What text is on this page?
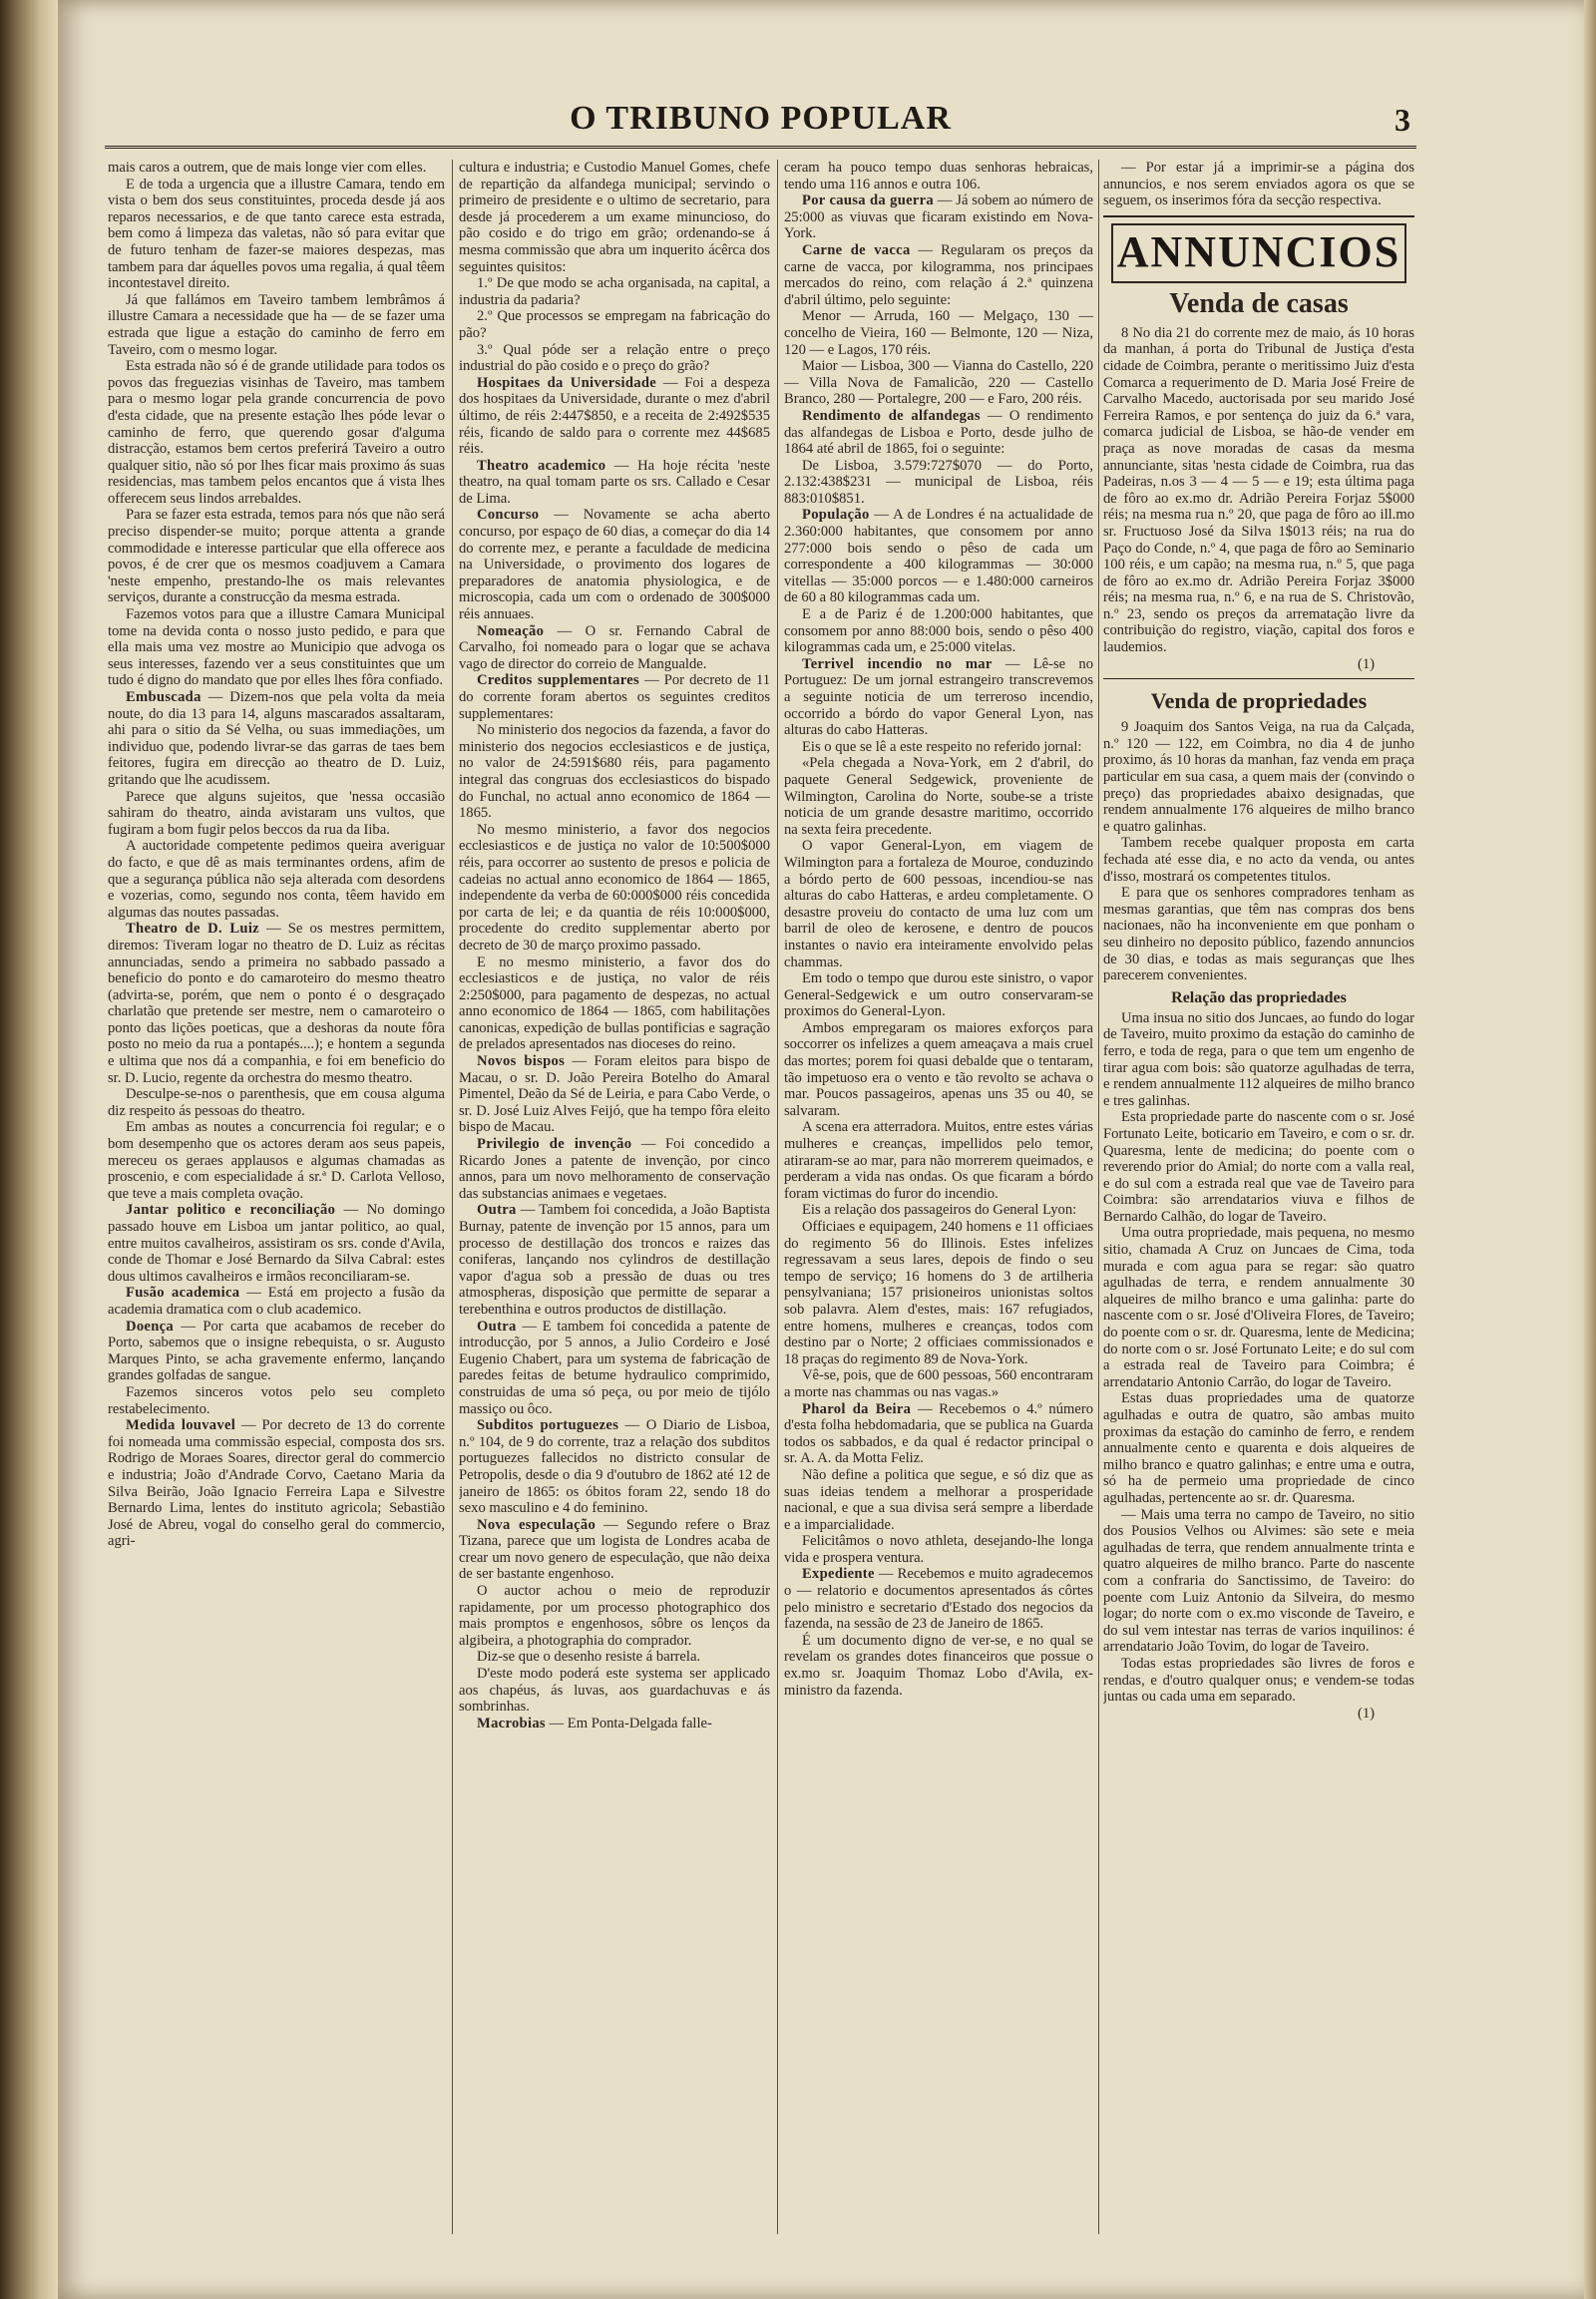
O TRIBUNO POPULAR	3

mais caros a outrem, que de mais longe vier com elles.

E de toda a urgencia que a illustre Camara, tendo em vista o bem dos seus constituintes, proceda desde já aos reparos necessarios, e de que tanto carece esta estrada, bem como á limpeza das valetas, não só para evitar que de futuro tenham de fazer-se maiores despezas, mas tambem para dar áquelles povos uma regalia, á qual têem incontestavel direito.

Já que fallámos em Taveiro tambem lembrâmos á illustre Camara a necessidade que ha — de se fazer uma estrada que ligue a estação do caminho de ferro em Taveiro, com o mesmo logar.

Esta estrada não só é de grande utilidade para todos os povos das freguezias visinhas de Taveiro, mas tambem para o mesmo logar pela grande concurrencia de povo d'esta cidade, que na presente estação lhes póde levar o caminho de ferro, que querendo gosar d'alguma distracção, estamos bem certos preferirá Taveiro a outro qualquer sitio, não só por lhes ficar mais proximo ás suas residencias, mas tambem pelos encantos que á vista lhes offerecem seus lindos arrebaldes.

Para se fazer esta estrada, temos para nós que não será preciso dispender-se muito; porque attenta a grande commodidade e interesse particular que ella offerece aos povos, é de crer que os mesmos coadjuvem a Camara 'neste empenho, prestando-lhe os mais relevantes serviços, durante a construcção da mesma estrada.

Fazemos votos para que a illustre Camara Municipal tome na devida conta o nosso justo pedido, e para que ella mais uma vez mostre ao Municipio que advoga os seus interesses, fazendo ver a seus constituintes que um tudo é digno do mandato que por elles lhes fôra confiado.

Embuscada — Dizem-nos que pela volta da meia noute, do dia 13 para 14, alguns mascarados assaltaram, ahi para o sitio da Sé Velha, ou suas immediações, um individuo que, podendo livrar-se das garras de taes bem feitores, fugira em direcção ao theatro de D. Luiz, gritando que lhe acudissem.

Parece que alguns sujeitos, que 'nessa occasião sahiram do theatro, ainda avistaram uns vultos, que fugiram a bom fugir pelos beccos da rua da Iiba.

A auctoridade competente pedimos queira averiguar do facto, e que dê as mais terminantes ordens, afim de que a segurança pública não seja alterada com desordens e vozerias, como, segundo nos conta, têem havido em algumas das noutes passadas.

Theatro de D. Luiz — Se os mestres permittem, diremos: Tiveram logar no theatro de D. Luiz as récitas annunciadas, sendo a primeira no sabbado passado a beneficio do ponto e do camaroteiro do mesmo theatro (advirta-se, porém, que nem o ponto é o desgraçado charlatão que pretende ser mestre, nem o camaroteiro o ponto das lições poeticas, que a deshoras da noute fôra posto no meio da rua a pontapés....); e hontem a segunda e ultima que nos dá a companhia, e foi em beneficio do sr. D. Lucio, regente da orchestra do mesmo theatro.

Desculpe-se-nos o parenthesis, que em cousa alguma diz respeito ás pessoas do theatro.

Em ambas as noutes a concurrencia foi regular; e o bom desempenho que os actores deram aos seus papeis, mereceu os geraes applausos e algumas chamadas as proscenio, e com especialidade á sr.ª D. Carlota Velloso, que teve a mais completa ovação.

Jantar politico e reconciliação — No domingo passado houve em Lisboa um jantar politico, ao qual, entre muitos cavalheiros, assistiram os srs. conde d'Avila, conde de Thomar e José Bernardo da Silva Cabral: estes dous ultimos cavalheiros e irmãos reconciliaram-se.

Fusão academica — Está em projecto a fusão da academia dramatica com o club academico.

Doença — Por carta que acabamos de receber do Porto, sabemos que o insigne rebequista, o sr. Augusto Marques Pinto, se acha gravemente enfermo, lançando grandes golfadas de sangue.

Fazemos sinceros votos pelo seu completo restabelecimento.

Medida louvavel — Por decreto de 13 do corrente foi nomeada uma commissão especial, composta dos srs. Rodrigo de Moraes Soares, director geral do commercio e industria; João d'Andrade Corvo, Caetano Maria da Silva Beirão, João Ignacio Ferreira Lapa e Silvestre Bernardo Lima, lentes do instituto agricola; Sebastião José de Abreu, vogal do conselho geral do commercio, agri-

cultura e industria; e Custodio Manuel Gomes, chefe de repartição da alfandega municipal; servindo o primeiro de presidente e o ultimo de secretario, para desde já procederem a um exame minuncioso, do pão cosido e do trigo em grão; ordenando-se á mesma commissão que abra um inquerito ácêrca dos seguintes quisitos:

1.º De que modo se acha organisada, na capital, a industria da padaria?

2.º Que processos se empregam na fabricação do pão?

3.º Qual póde ser a relação entre o preço industrial do pão cosido e o preço do grão?

Hospitaes da Universidade — Foi a despeza dos hospitaes da Universidade, durante o mez d'abril último, de réis 2:447$850, e a receita de 2:492$535 réis, ficando de saldo para o corrente mez 44$685 réis.

Theatro academico — Ha hoje récita 'neste theatro, na qual tomam parte os srs. Callado e Cesar de Lima.

Concurso — Novamente se acha aberto concurso, por espaço de 60 dias, a começar do dia 14 do corrente mez, e perante a faculdade de medicina na Universidade, o provimento dos logares de preparadores de anatomia physiologica, e de microscopia, cada um com o ordenado de 300$000 réis annuaes.

Nomeação — O sr. Fernando Cabral de Carvalho, foi nomeado para o logar que se achava vago de director do correio de Mangualde.

Creditos supplementares — Por decreto de 11 do corrente foram abertos os seguintes creditos supplementares:

No ministerio dos negocios da fazenda, a favor do ministerio dos negocios ecclesiasticos e de justiça, no valor de 24:591$680 réis, para pagamento integral das congruas dos ecclesiasticos do bispado do Funchal, no actual anno economico de 1864 — 1865.

No mesmo ministerio, a favor dos negocios ecclesiasticos e de justiça no valor de 10:500$000 réis, para occorrer ao sustento de presos e policia de cadeias no actual anno economico de 1864 — 1865, independente da verba de 60:000$000 réis concedida por carta de lei; e da quantia de réis 10:000$000, procedente do credito supplementar aberto por decreto de 30 de março proximo passado.

E no mesmo ministerio, a favor dos do ecclesiasticos e de justiça, no valor de réis 2:250$000, para pagamento de despezas, no actual anno economico de 1864 — 1865, com habilitações canonicas, expedição de bullas pontificias e sagração de prelados apresentados nas dioceses do reino.

Novos bispos — Foram eleitos para bispo de Macau, o sr. D. João Pereira Botelho do Amaral Pimentel, Deão da Sé de Leiria, e para Cabo Verde, o sr. D. José Luiz Alves Feijó, que ha tempo fôra eleito bispo de Macau.

Privilegio de invenção — Foi concedido a Ricardo Jones a patente de invenção, por cinco annos, para um novo melhoramento de conservação das substancias animaes e vegetaes.

Outra — Tambem foi concedida, a João Baptista Burnay, patente de invenção por 15 annos, para um processo de destillação dos troncos e raizes das coniferas, lançando nos cylindros de destillação vapor d'agua sob a pressão de duas ou tres atmospheras, disposição que permitte de separar a terebenthina e outros productos de distillação.

Outra — E tambem foi concedida a patente de introducção, por 5 annos, a Julio Cordeiro e José Eugenio Chabert, para um systema de fabricação de paredes feitas de betume hydraulico comprimido, construidas de uma só peça, ou por meio de tijólo massiço ou ôco.

Subditos portuguezes — O Diario de Lisboa, n.º 104, de 9 do corrente, traz a relação dos subditos portuguezes fallecidos no districto consular de Petropolis, desde o dia 9 d'outubro de 1862 até 12 de janeiro de 1865: os óbitos foram 22, sendo 18 do sexo masculino e 4 do feminino.

Nova especulação — Segundo refere o Braz Tizana, parece que um logista de Londres acaba de crear um novo genero de especulação, que não deixa de ser bastante engenhoso.

O auctor achou o meio de reproduzir rapidamente, por um processo photographico dos mais promptos e engenhosos, sôbre os lenços da algibeira, a photographia do comprador.

Diz-se que o desenho resiste á barrela.

D'este modo poderá este systema ser applicado aos chapéus, ás luvas, aos guardachuvas e ás sombrinhas.

Macrobias — Em Ponta-Delgada falle-

ceram ha pouco tempo duas senhoras hebraicas, tendo uma 116 annos e outra 106.

Por causa da guerra — Já sobem ao número de 25:000 as viuvas que ficaram existindo em Nova-York.

Carne de vacca — Regularam os preços da carne de vacca, por kilogramma, nos principaes mercados do reino, com relação á 2.ª quinzena d'abril último, pelo seguinte:

Menor — Arruda, 160 — Melgaço, 130 — concelho de Vieira, 160 — Belmonte, 120 — Niza, 120 — e Lagos, 170 réis.

Maior — Lisboa, 300 — Vianna do Castello, 220 — Villa Nova de Famalicão, 220 — Castello Branco, 280 — Portalegre, 200 — e Faro, 200 réis.

Rendimento de alfandegas — O rendimento das alfandegas de Lisboa e Porto, desde julho de 1864 até abril de 1865, foi o seguinte:

De Lisboa, 3.579:727$070 — do Porto, 2.132:438$231 — municipal de Lisboa, réis 883:010$851.

População — A de Londres é na actualidade de 2.360:000 habitantes, que consomem por anno 277:000 bois sendo o pêso de cada um correspondente a 400 kilogrammas — 30:000 vitellas — 35:000 porcos — e 1.480:000 carneiros de 60 a 80 kilogrammas cada um.

E a de Pariz é de 1.200:000 habitantes, que consomem por anno 88:000 bois, sendo o pêso 400 kilogrammas cada um, e 25:000 vitelas.

Terrivel incendio no mar — Lê-se no Portuguez: De um jornal estrangeiro transcrevemos a seguinte noticia de um terreroso incendio, occorrido a bórdo do vapor General Lyon, nas alturas do cabo Hatteras.

Eis o que se lê a este respeito no referido jornal:

«Pela chegada a Nova-York, em 2 d'abril, do paquete General Sedgewick, proveniente de Wilmington, Carolina do Norte, soube-se a triste noticia de um grande desastre maritimo, occorrido na sexta feira precedente.

O vapor General-Lyon, em viagem de Wilmington para a fortaleza de Mouroe, conduzindo a bórdo perto de 600 pessoas, incendiou-se nas alturas do cabo Hatteras, e ardeu completamente. O desastre proveiu do contacto de uma luz com um barril de oleo de kerosene, e dentro de poucos instantes o navio era inteiramente envolvido pelas chammas.

Em todo o tempo que durou este sinistro, o vapor General-Sedgewick e um outro conservaram-se proximos do General-Lyon.

Ambos empregaram os maiores exforços para soccorrer os infelizes a quem ameaçava a mais cruel das mortes; porem foi quasi debalde que o tentaram, tão impetuoso era o vento e tão revolto se achava o mar. Poucos passageiros, apenas uns 35 ou 40, se salvaram.

A scena era atterradora. Muitos, entre estes várias mulheres e creanças, impellidos pelo temor, atiraram-se ao mar, para não morrerem queimados, e perderam a vida nas ondas. Os que ficaram a bórdo foram victimas do furor do incendio.

Eis a relação dos passageiros do General Lyon:

Officiaes e equipagem, 240 homens e 11 officiaes do regimento 56 do Illinois. Estes infelizes regressavam a seus lares, depois de findo o seu tempo de serviço; 16 homens do 3 de artilheria pensylvaniana; 157 prisioneiros unionistas soltos sob palavra. Alem d'estes, mais: 167 refugiados, entre homens, mulheres e creanças, todos com destino par o Norte; 2 officiaes commissionados e 18 praças do regimento 89 de Nova-York.

Vê-se, pois, que de 600 pessoas, 560 encontraram a morte nas chammas ou nas vagas.»

Pharol da Beira — Recebemos o 4.º número d'esta folha hebdomadaria, que se publica na Guarda todos os sabbados, e da qual é redactor principal o sr. A. A. da Motta Feliz.

Não define a politica que segue, e só diz que as suas ideias tendem a melhorar a prosperidade nacional, e que a sua divisa será sempre a liberdade e a imparcialidade.

Felicitâmos o novo athleta, desejando-lhe longa vida e prospera ventura.

Expediente — Recebemos e muito agradecemos o — relatorio e documentos apresentados ás côrtes pelo ministro e secretario d'Estado dos negocios da fazenda, na sessão de 23 de Janeiro de 1865.

É um documento digno de ver-se, e no qual se revelam os grandes dotes financeiros que possue o ex.mo sr. Joaquim Thomaz Lobo d'Avila, ex-ministro da fazenda.

— Por estar já a imprimir-se a página dos annuncios, e nos serem enviados agora os que se seguem, os inserimos fóra da secção respectiva.

ANNUNCIOS
Venda de casas

8 No dia 21 do corrente mez de maio, ás 10 horas da manhan, á porta do Tribunal de Justiça d'esta cidade de Coimbra, perante o meritissimo Juiz d'esta Comarca a requerimento de D. Maria José Freire de Carvalho Macedo, auctorisada por seu marido José Ferreira Ramos, e por sentença do juiz da 6.ª vara, comarca judicial de Lisboa, se hão-de vender em praça as nove moradas de casas da mesma annunciante, sitas 'nesta cidade de Coimbra, rua das Padeiras, n.os 3 — 4 — 5 — e 19; esta última paga de fôro ao ex.mo dr. Adrião Pereira Forjaz 5$000 réis; na mesma rua n.º 20, que paga de fôro ao ill.mo sr. Fructuoso José da Silva 1$013 réis; na rua do Paço do Conde, n.º 4, que paga de fôro ao Seminario 100 réis, e um capão; na mesma rua, n.º 5, que paga de fôro ao ex.mo dr. Adrião Pereira Forjaz 3$000 réis; na mesma rua, n.º 6, e na rua de S. Christovão, n.º 23, sendo os preços da arrematação livre da contribuição do registro, viação, capital dos foros e laudemios.

(1)
Venda de propriedades

9 Joaquim dos Santos Veiga, na rua da Calçada, n.º 120 — 122, em Coimbra, no dia 4 de junho proximo, ás 10 horas da manhan, faz venda em praça particular em sua casa, a quem mais der (convindo o preço) das propriedades abaixo designadas, que rendem annualmente 176 alqueires de milho branco e quatro galinhas.

Tambem recebe qualquer proposta em carta fechada até esse dia, e no acto da venda, ou antes d'isso, mostrará os competentes titulos.

E para que os senhores compradores tenham as mesmas garantias, que têm nas compras dos bens nacionaes, não ha inconveniente em que ponham o seu dinheiro no deposito público, fazendo annuncios de 30 dias, e todas as mais seguranças que lhes parecerem convenientes.

Relação das propriedades

Uma insua no sitio dos Juncaes, ao fundo do logar de Taveiro, muito proximo da estação do caminho de ferro, e toda de rega, para o que tem um engenho de tirar agua com bois: são quatorze agulhadas de terra, e rendem annualmente 112 alqueires de milho branco e tres galinhas.

Esta propriedade parte do nascente com o sr. José Fortunato Leite, boticario em Taveiro, e com o sr. dr. Quaresma, lente de medicina; do poente com o reverendo prior do Amial; do norte com a valla real, e do sul com a estrada real que vae de Taveiro para Coimbra: são arrendatarios viuva e filhos de Bernardo Calhão, do logar de Taveiro.

Uma outra propriedade, mais pequena, no mesmo sitio, chamada A Cruz on Juncaes de Cima, toda murada e com agua para se regar: são quatro agulhadas de terra, e rendem annualmente 30 alqueires de milho branco e uma galinha: parte do nascente com o sr. José d'Oliveira Flores, de Taveiro; do poente com o sr. dr. Quaresma, lente de Medicina; do norte com o sr. José Fortunato Leite; e do sul com a estrada real de Taveiro para Coimbra; é arrendatario Antonio Carrão, do logar de Taveiro.

Estas duas propriedades uma de quatorze agulhadas e outra de quatro, são ambas muito proximas da estação do caminho de ferro, e rendem annualmente cento e quarenta e dois alqueires de milho branco e quatro galinhas; e entre uma e outra, só ha de permeio uma propriedade de cinco agulhadas, pertencente ao sr. dr. Quaresma.

— Mais uma terra no campo de Taveiro, no sitio dos Pousios Velhos ou Alvimes: são sete e meia agulhadas de terra, que rendem annualmente trinta e quatro alqueires de milho branco. Parte do nascente com a confraria do Sanctissimo, de Taveiro: do poente com Luiz Antonio da Silveira, do mesmo logar; do norte com o ex.mo visconde de Taveiro, e do sul vem intestar nas terras de varios inquilinos: é arrendatario João Tovim, do logar de Taveiro.

Todas estas propriedades são livres de foros e rendas, e d'outro qualquer onus; e vendem-se todas juntas ou cada uma em separado.

(1)
